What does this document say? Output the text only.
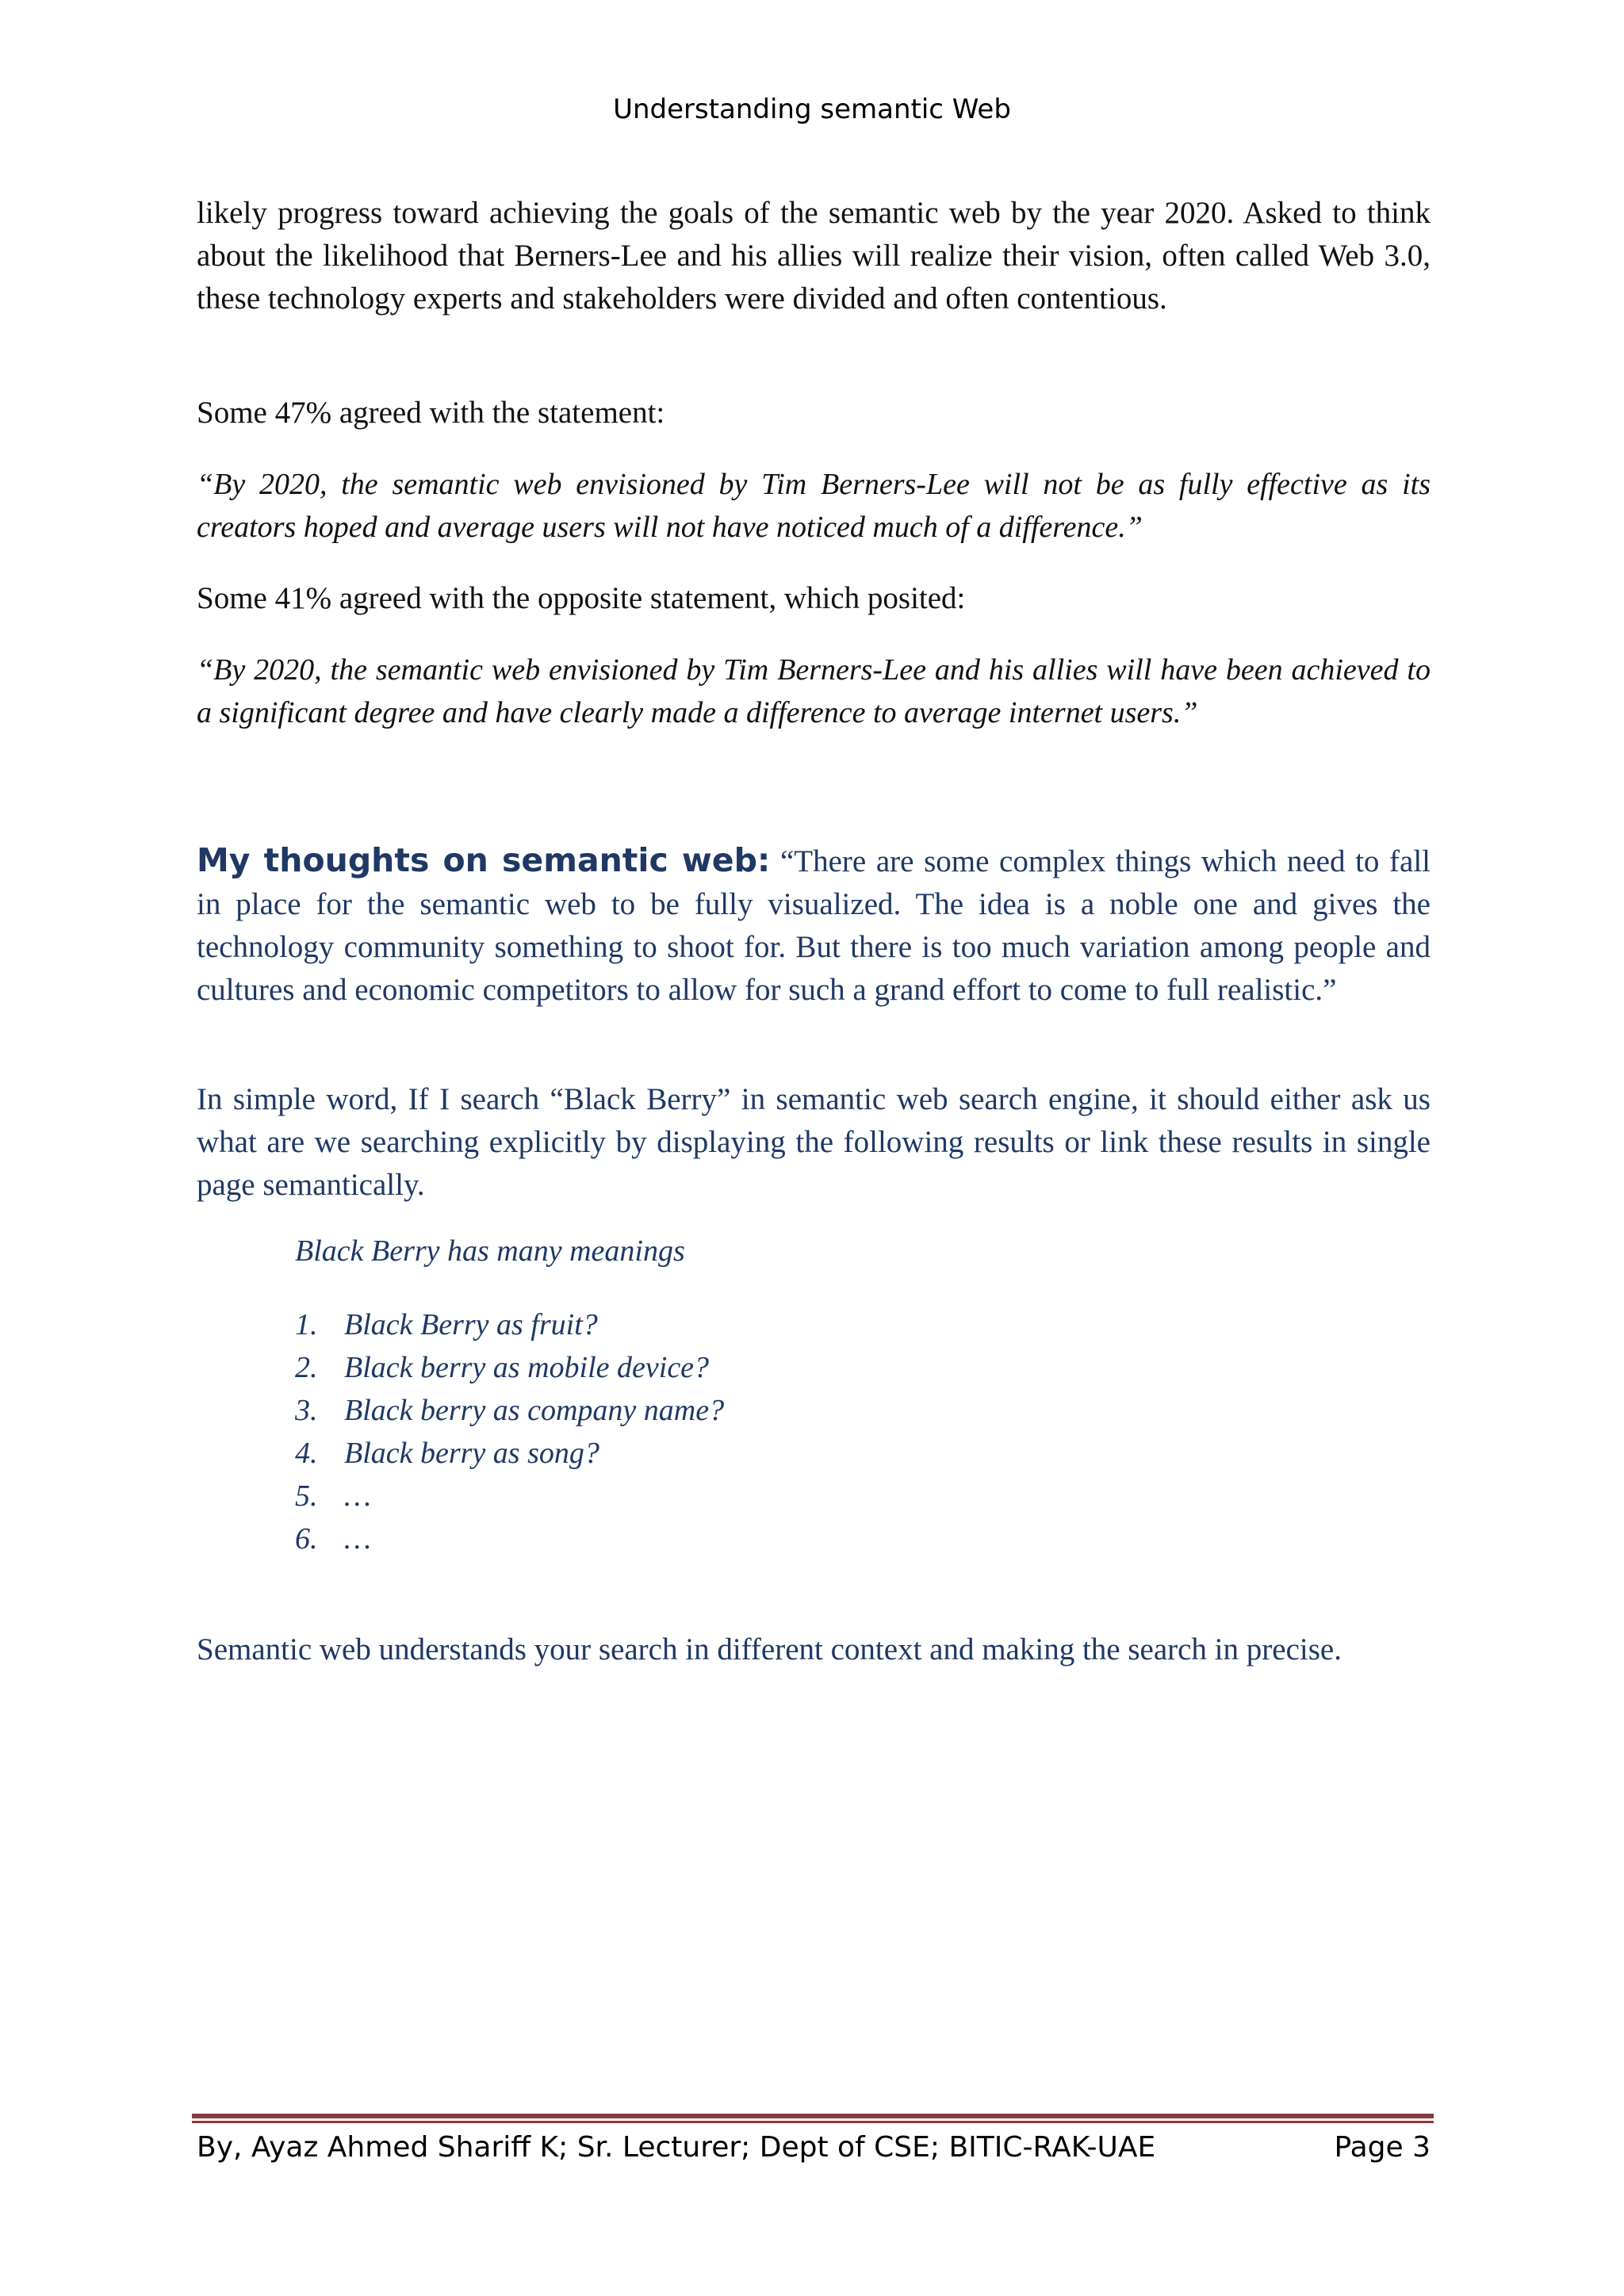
Understanding semantic Web

likely progress toward achieving the goals of the semantic web by the year 2020. Asked to think about the likelihood that Berners-Lee and his allies will realize their vision, often called Web 3.0, these technology experts and stakeholders were divided and often contentious.

Some 47% agreed with the statement:

“By 2020, the semantic web envisioned by Tim Berners-Lee will not be as fully effective as its creators hoped and average users will not have noticed much of a difference.”

Some 41% agreed with the opposite statement, which posited:

“By 2020, the semantic web envisioned by Tim Berners-Lee and his allies will have been achieved to a significant degree and have clearly made a difference to average internet users.”

My thoughts on semantic web: “There are some complex things which need to fall in place for the semantic web to be fully visualized. The idea is a noble one and gives the technology community something to shoot for. But there is too much variation among people and cultures and economic competitors to allow for such a grand effort to come to full realistic.”

In simple word, If I search “Black Berry” in semantic web search engine, it should either ask us what are we searching explicitly by displaying the following results or link these results in single page semantically.

Black Berry has many meanings

1. Black Berry as fruit?
2. Black berry as mobile device?
3. Black berry as company name?
4. Black berry as song?
5. …
6. …

Semantic web understands your search in different context and making the search in precise.

By, Ayaz Ahmed Shariff K; Sr. Lecturer; Dept of CSE; BITIC-RAK-UAE	Page 3
